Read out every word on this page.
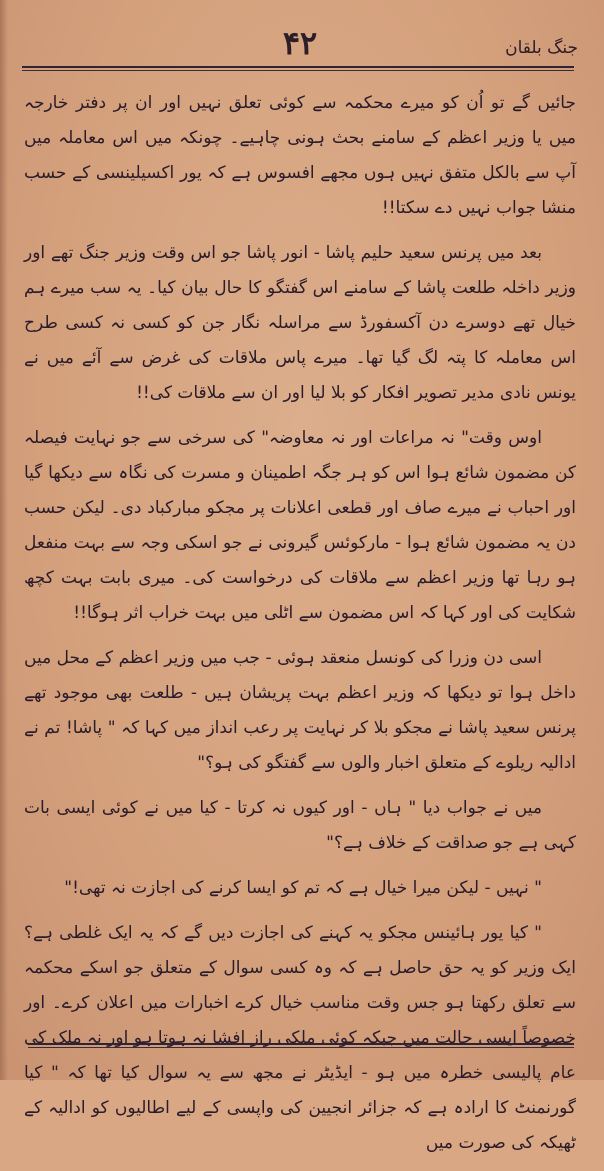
۴۲	جنگ بلقان

جائیں گے تو اُن کو میرے محکمہ سے کوئی تعلق نہیں اور ان پر دفتر خارجہ میں یا وزیر اعظم کے سامنے بحث ہونی چاہیے۔ چونکہ میں اس معاملہ میں آپ سے بالکل متفق نہیں ہوں مجھے افسوس ہے کہ یور اکسیلینسی کے حسب منشا جواب نہیں دے سکتا!!

بعد میں پرنس سعید حلیم پاشا - انور پاشا جو اس وقت وزیر جنگ تھے اور وزیر داخلہ طلعت پاشا کے سامنے اس گفتگو کا حال بیان کیا۔ یہ سب میرے ہم خیال تھے دوسرے دن آکسفورڈ سے مراسلہ نگار جن کو کسی نہ کسی طرح اس معاملہ کا پتہ لگ گیا تھا۔ میرے پاس ملاقات کی غرض سے آئے میں نے یونس نادی مدیر تصویر افکار کو بلا لیا اور ان سے ملاقات کی!!

اوس وقت" نہ مراعات اور نہ معاوضہ" کی سرخی سے جو نہایت فیصلہ کن مضمون شائع ہوا اس کو ہر جگہ اطمینان و مسرت کی نگاہ سے دیکھا گیا اور احباب نے میرے صاف اور قطعی اعلانات پر مجکو مبارکباد دی۔ لیکن حسب دن یہ مضمون شائع ہوا - مارکوئس گیرونی نے جو اسکی وجہ سے بہت منفعل ہو رہا تھا وزیر اعظم سے ملاقات کی درخواست کی۔ میری بابت بہت کچھ شکایت کی اور کہا کہ اس مضمون سے اٹلی میں بہت خراب اثر ہوگا!!

اسی دن وزرا کی کونسل منعقد ہوئی - جب میں وزیر اعظم کے محل میں داخل ہوا تو دیکھا کہ وزیر اعظم بہت پریشان ہیں - طلعت بھی موجود تھے پرنس سعید پاشا نے مجکو بلا کر نہایت پر رعب انداز میں کہا کہ " پاشا! تم نے ادالیہ ریلوے کے متعلق اخبار والوں سے گفتگو کی ہو؟"

میں نے جواب دیا " ہاں - اور کیوں نہ کرتا - کیا میں نے کوئی ایسی بات کہی ہے جو صداقت کے خلاف ہے؟"

" نہیں - لیکن میرا خیال ہے کہ تم کو ایسا کرنے کی اجازت نہ تھی!"

" کیا یور ہائینس مجکو یہ کہنے کی اجازت دیں گے کہ یہ ایک غلطی ہے؟ ایک وزیر کو یہ حق حاصل ہے کہ وہ کسی سوال کے متعلق جو اسکے محکمہ سے تعلق رکھتا ہو جس وقت مناسب خیال کرے اخبارات میں اعلان کرے۔ اور خصوصاً ایسی حالت میں جبکہ کوئی ملکی راز افشا نہ ہوتا ہو اور نہ ملک کی عام پالیسی خطرہ میں ہو - ایڈیٹر نے مجھ سے یہ سوال کیا تھا کہ " کیا گورنمنٹ کا ارادہ ہے کہ جزائر انجیین کی واپسی کے لیے اطالیوں کو ادالیہ کے ٹھیکہ کی صورت میں
